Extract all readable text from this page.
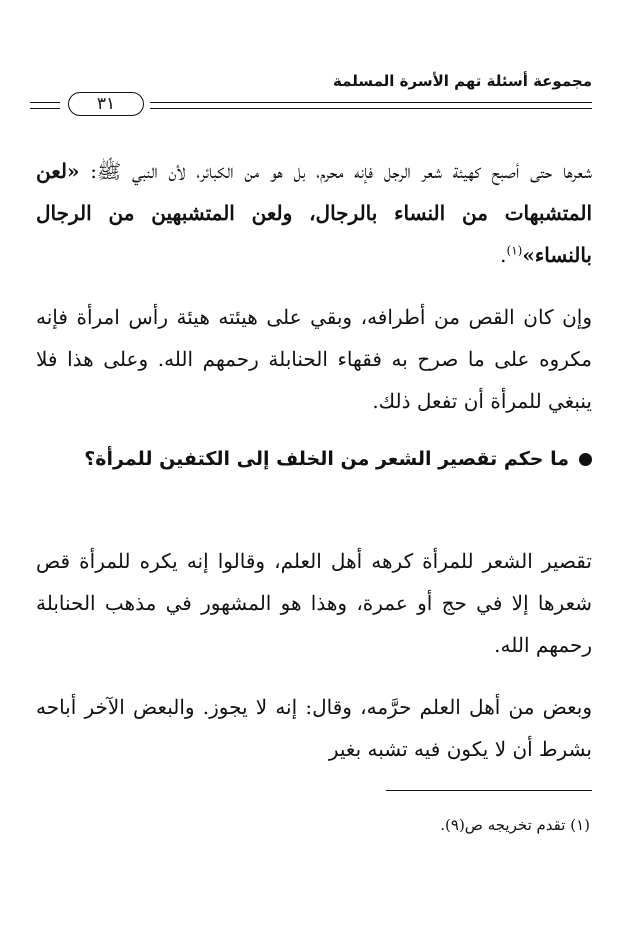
مجموعة أسئلة تهم الأسرة المسلمة
٣١

شعرها حتى أصبح كهيئة شعر الرجل فإنه محرم، بل هو من الكبائر، لأن النبي ﷺ: «لعن المتشبهات من النساء بالرجال، ولعن المتشبهين من الرجال بالنساء»$^{(١)}$.

وإن كان القص من أطرافه، وبقي على هيئته هيئة رأس امرأة فإنه مكروه على ما صرح به فقهاء الحنابلة رحمهم الله. وعلى هذا فلا ينبغي للمرأة أن تفعل ذلك.

ما حكم تقصير الشعر من الخلف إلى الكتفين للمرأة؟

تقصير الشعر للمرأة كرهه أهل العلم، وقالوا إنه يكره للمرأة قص شعرها إلا في حج أو عمرة، وهذا هو المشهور في مذهب الحنابلة رحمهم الله.

وبعض من أهل العلم حرَّمه، وقال: إنه لا يجوز. والبعض الآخر أباحه بشرط أن لا يكون فيه تشبه بغير

(١) تقدم تخريجه ص(٩).
